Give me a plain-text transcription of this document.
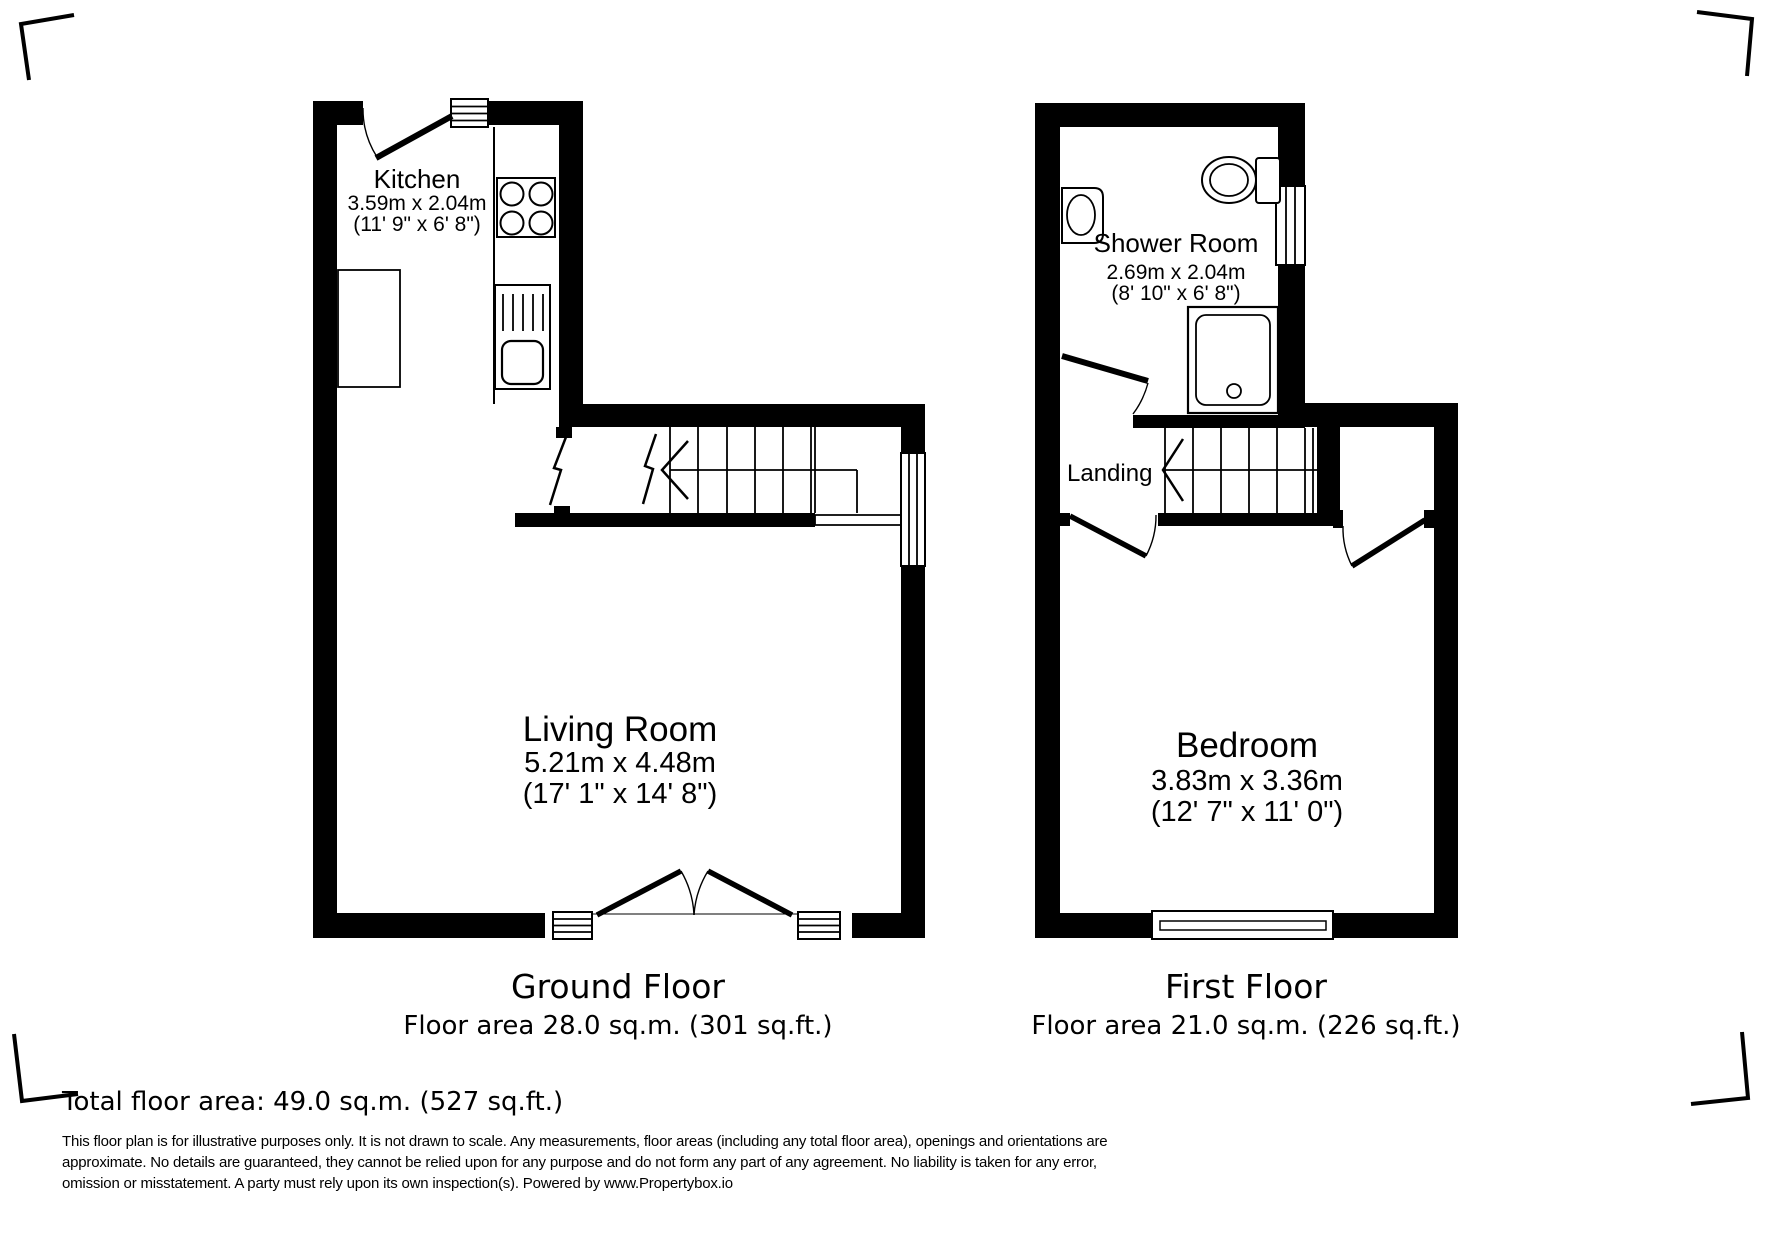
Kitchen
3.59m x 2.04m
(11' 9" x 6' 8")
Living Room
5.21m x 4.48m
(17' 1" x 14' 8")
Shower Room
2.69m x 2.04m
(8' 10" x 6' 8")
Landing
Bedroom
3.83m x 3.36m
(12' 7" x 11' 0")
Ground Floor
Floor area 28.0 sq.m. (301 sq.ft.)
First Floor
Floor area 21.0 sq.m. (226 sq.ft.)
Total floor area: 49.0 sq.m. (527 sq.ft.)
This floor plan is for illustrative purposes only. It is not drawn to scale. Any measurements, floor areas (including any total floor area), openings and orientations are
approximate. No details are guaranteed, they cannot be relied upon for any purpose and do not form any part of any agreement. No liability is taken for any error,
omission or misstatement. A party must rely upon its own inspection(s). Powered by www.Propertybox.io
